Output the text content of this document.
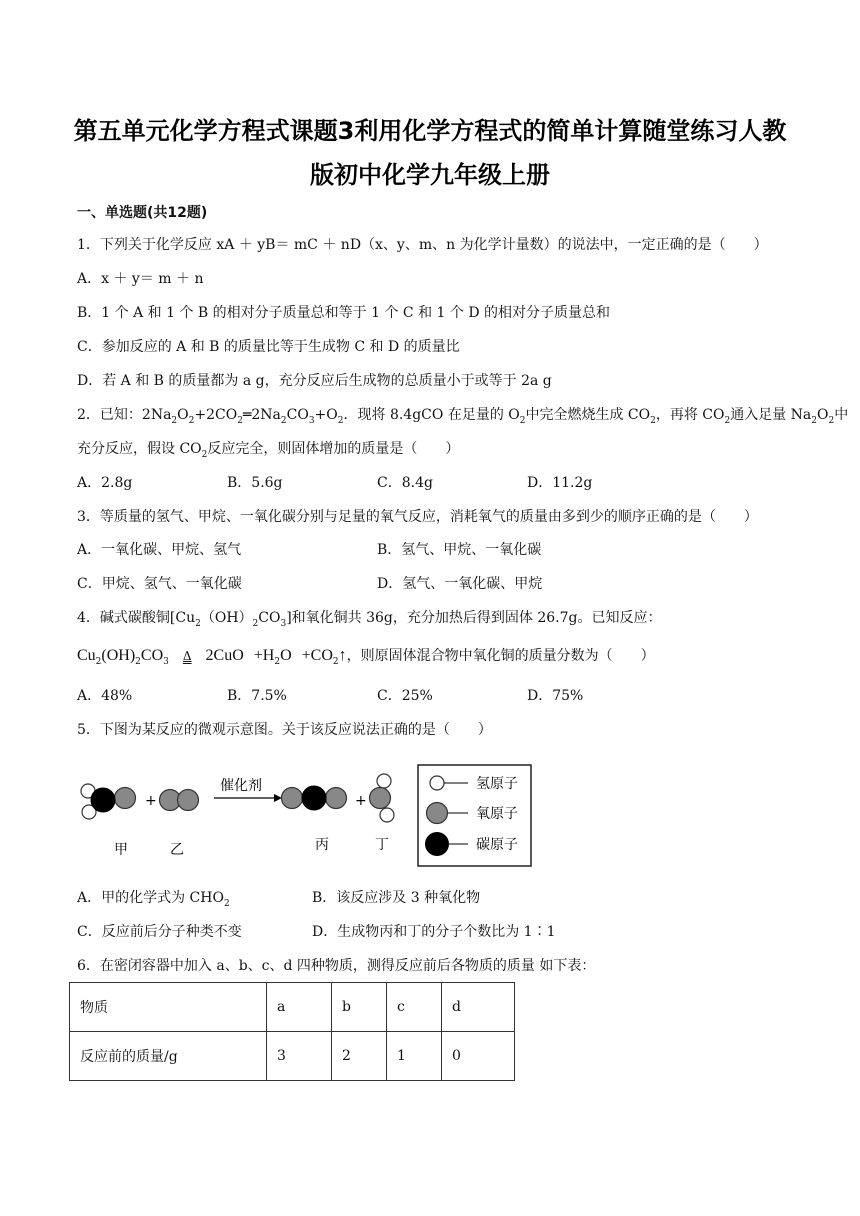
第五单元化学方程式课题3利用化学方程式的简单计算随堂练习人教
版初中化学九年级上册
一、单选题(共12题)
1．下列关于化学反应 xA ＋ yB＝ mC ＋ nD（x、y、m、n 为化学计量数）的说法中，一定正确的是（　　）
A．x ＋ y＝ m ＋ n
B．1 个 A 和 1 个 B 的相对分子质量总和等于 1 个 C 和 1 个 D 的相对分子质量总和
C．参加反应的 A 和 B 的质量比等于生成物 C 和 D 的质量比
D．若 A 和 B 的质量都为 a g，充分反应后生成物的总质量小于或等于 2a g
2．已知：$2Na_2O_2+2CO_2═2Na_2CO_3+O_2$．现将 8.4gCO 在足量的 $O_2$中完全燃烧生成 $CO_2$，再将 $CO_2$通入足量 $Na_2O_2$中
充分反应，假设 $CO_2$反应完全，则固体增加的质量是（　　）
A．2.8g	B．5.6g	C．8.4g	D．11.2g
3．等质量的氢气、甲烷、一氧化碳分别与足量的氧气反应，消耗氧气的质量由多到少的顺序正确的是（　　）
A．一氧化碳、甲烷、氢气	B．氢气、甲烷、一氧化碳
C．甲烷、氢气、一氧化碳	D．氢气、一氧化碳、甲烷
4．碱式碳酸铜$[Cu_2(OH)_2CO_3]$和氧化铜共 36g，充分加热后得到固体 26.7g。已知反应：
$Cu_2(OH)_2CO_3$ Δ $2CuO +H_2O$ $+CO_2↑$，则原固体混合物中氧化铜的质量分数为（　　）
A．48%	B．7.5%	C．25%	D．75%
5．下图为某反应的微观示意图。关于该反应说法正确的是（　　）
+
催化剂
+
甲	乙	丙	丁
氢原子
氧原子
碳原子
A．甲的化学式为 $CHO_2$	B．该反应涉及 3 种氧化物
C．反应前后分子种类不变	D．生成物丙和丁的分子个数比为 1∶1
6．在密闭容器中加入 a、b、c、d 四种物质，测得反应前后各物质的质量 如下表：
物质	a	b	c	d
反应前的质量/g	3	2	1	0
